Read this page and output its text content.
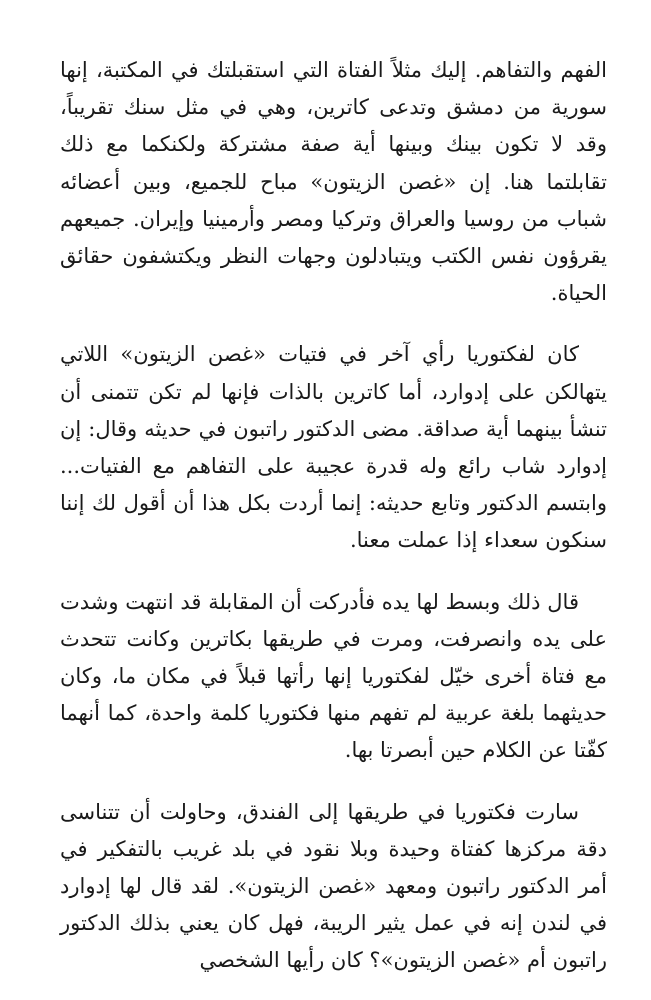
الفهم والتفاهم. إليك مثلاً الفتاة التي استقبلتك في المكتبة، إنها سورية من دمشق وتدعى كاترين، وهي في مثل سنك تقريباً، وقد لا تكون بينك وبينها أية صفة مشتركة ولكنكما مع ذلك تقابلتما هنا. إن «غصن الزيتون» مباح للجميع، وبين أعضائه شباب من روسيا والعراق وتركيا ومصر وأرمينيا وإيران. جميعهم يقرؤون نفس الكتب ويتبادلون وجهات النظر ويكتشفون حقائق الحياة.

كان لفكتوريا رأي آخر في فتيات «غصن الزيتون» اللاتي يتهالكن على إدوارد، أما كاترين بالذات فإنها لم تكن تتمنى أن تنشأ بينهما أية صداقة. مضى الدكتور راتبون في حديثه وقال: إن إدوارد شاب رائع وله قدرة عجيبة على التفاهم مع الفتيات... وابتسم الدكتور وتابع حديثه: إنما أردت بكل هذا أن أقول لك إننا سنكون سعداء إذا عملت معنا.

قال ذلك وبسط لها يده فأدركت أن المقابلة قد انتهت وشدت على يده وانصرفت، ومرت في طريقها بكاترين وكانت تتحدث مع فتاة أخرى خيّل لفكتوريا إنها رأتها قبلاً في مكان ما، وكان حديثهما بلغة عربية لم تفهم منها فكتوريا كلمة واحدة، كما أنهما كفّتا عن الكلام حين أبصرتا بها.

سارت فكتوريا في طريقها إلى الفندق، وحاولت أن تتناسى دقة مركزها كفتاة وحيدة وبلا نقود في بلد غريب بالتفكير في أمر الدكتور راتبون ومعهد «غصن الزيتون». لقد قال لها إدوارد في لندن إنه في عمل يثير الريبة، فهل كان يعني بذلك الدكتور راتبون أم «غصن الزيتون»؟ كان رأيها الشخصي
